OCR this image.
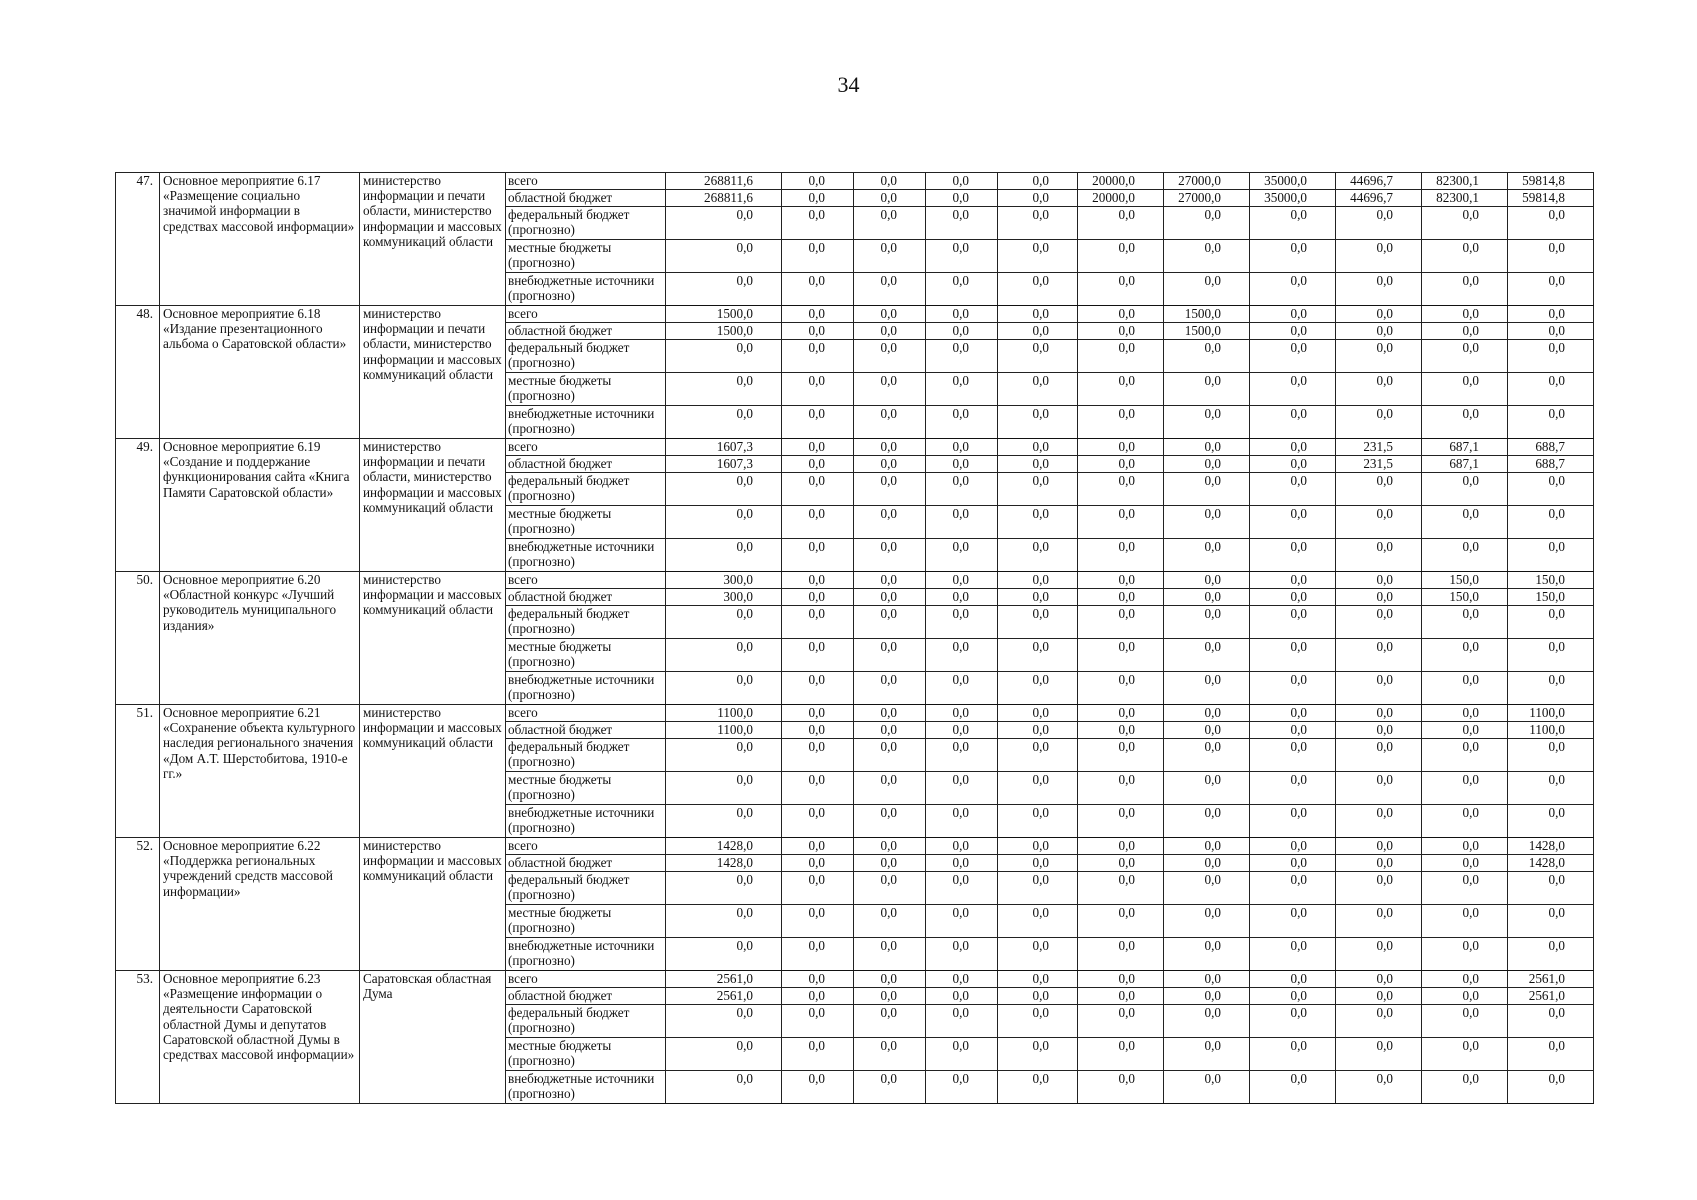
34
47.	Основное мероприятие 6.17 «Размещение социально значимой информации в средствах массовой информации»	министерство информации и печати области, министерство информации и массовых коммуникаций области	всего	268811,6	0,0	0,0	0,0	0,0	20000,0	27000,0	35000,0	44696,7	82300,1	59814,8
			областной бюджет	268811,6	0,0	0,0	0,0	0,0	20000,0	27000,0	35000,0	44696,7	82300,1	59814,8
			федеральный бюджет (прогнозно)	0,0	0,0	0,0	0,0	0,0	0,0	0,0	0,0	0,0	0,0	0,0
			местные бюджеты (прогнозно)	0,0	0,0	0,0	0,0	0,0	0,0	0,0	0,0	0,0	0,0	0,0
			внебюджетные источники (прогнозно)	0,0	0,0	0,0	0,0	0,0	0,0	0,0	0,0	0,0	0,0	0,0
48.	Основное мероприятие 6.18 «Издание презентационного альбома о Саратовской области»	министерство информации и печати области, министерство информации и массовых коммуникаций области	всего	1500,0	0,0	0,0	0,0	0,0	0,0	1500,0	0,0	0,0	0,0	0,0
			областной бюджет	1500,0	0,0	0,0	0,0	0,0	0,0	1500,0	0,0	0,0	0,0	0,0
			федеральный бюджет (прогнозно)	0,0	0,0	0,0	0,0	0,0	0,0	0,0	0,0	0,0	0,0	0,0
			местные бюджеты (прогнозно)	0,0	0,0	0,0	0,0	0,0	0,0	0,0	0,0	0,0	0,0	0,0
			внебюджетные источники (прогнозно)	0,0	0,0	0,0	0,0	0,0	0,0	0,0	0,0	0,0	0,0	0,0
49.	Основное мероприятие 6.19 «Создание и поддержание функционирования сайта «Книга Памяти Саратовской области»	министерство информации и печати области, министерство информации и массовых коммуникаций области	всего	1607,3	0,0	0,0	0,0	0,0	0,0	0,0	0,0	231,5	687,1	688,7
			областной бюджет	1607,3	0,0	0,0	0,0	0,0	0,0	0,0	0,0	231,5	687,1	688,7
			федеральный бюджет (прогнозно)	0,0	0,0	0,0	0,0	0,0	0,0	0,0	0,0	0,0	0,0	0,0
			местные бюджеты (прогнозно)	0,0	0,0	0,0	0,0	0,0	0,0	0,0	0,0	0,0	0,0	0,0
			внебюджетные источники (прогнозно)	0,0	0,0	0,0	0,0	0,0	0,0	0,0	0,0	0,0	0,0	0,0
50.	Основное мероприятие 6.20 «Областной конкурс «Лучший руководитель муниципального издания»	министерство информации и массовых коммуникаций области	всего	300,0	0,0	0,0	0,0	0,0	0,0	0,0	0,0	0,0	150,0	150,0
			областной бюджет	300,0	0,0	0,0	0,0	0,0	0,0	0,0	0,0	0,0	150,0	150,0
			федеральный бюджет (прогнозно)	0,0	0,0	0,0	0,0	0,0	0,0	0,0	0,0	0,0	0,0	0,0
			местные бюджеты (прогнозно)	0,0	0,0	0,0	0,0	0,0	0,0	0,0	0,0	0,0	0,0	0,0
			внебюджетные источники (прогнозно)	0,0	0,0	0,0	0,0	0,0	0,0	0,0	0,0	0,0	0,0	0,0
51.	Основное мероприятие 6.21 «Сохранение объекта культурного наследия регионального значения «Дом А.Т. Шерстобитова, 1910-е гг.»	министерство информации и массовых коммуникаций области	всего	1100,0	0,0	0,0	0,0	0,0	0,0	0,0	0,0	0,0	0,0	1100,0
			областной бюджет	1100,0	0,0	0,0	0,0	0,0	0,0	0,0	0,0	0,0	0,0	1100,0
			федеральный бюджет (прогнозно)	0,0	0,0	0,0	0,0	0,0	0,0	0,0	0,0	0,0	0,0	0,0
			местные бюджеты (прогнозно)	0,0	0,0	0,0	0,0	0,0	0,0	0,0	0,0	0,0	0,0	0,0
			внебюджетные источники (прогнозно)	0,0	0,0	0,0	0,0	0,0	0,0	0,0	0,0	0,0	0,0	0,0
52.	Основное мероприятие 6.22 «Поддержка региональных учреждений средств массовой информации»	министерство информации и массовых коммуникаций области	всего	1428,0	0,0	0,0	0,0	0,0	0,0	0,0	0,0	0,0	0,0	1428,0
			областной бюджет	1428,0	0,0	0,0	0,0	0,0	0,0	0,0	0,0	0,0	0,0	1428,0
			федеральный бюджет (прогнозно)	0,0	0,0	0,0	0,0	0,0	0,0	0,0	0,0	0,0	0,0	0,0
			местные бюджеты (прогнозно)	0,0	0,0	0,0	0,0	0,0	0,0	0,0	0,0	0,0	0,0	0,0
			внебюджетные источники (прогнозно)	0,0	0,0	0,0	0,0	0,0	0,0	0,0	0,0	0,0	0,0	0,0
53.	Основное мероприятие 6.23 «Размещение информации о деятельности Саратовской областной Думы и депутатов Саратовской областной Думы в средствах массовой информации»	Саратовская областная Дума	всего	2561,0	0,0	0,0	0,0	0,0	0,0	0,0	0,0	0,0	0,0	2561,0
			областной бюджет	2561,0	0,0	0,0	0,0	0,0	0,0	0,0	0,0	0,0	0,0	2561,0
			федеральный бюджет (прогнозно)	0,0	0,0	0,0	0,0	0,0	0,0	0,0	0,0	0,0	0,0	0,0
			местные бюджеты (прогнозно)	0,0	0,0	0,0	0,0	0,0	0,0	0,0	0,0	0,0	0,0	0,0
			внебюджетные источники (прогнозно)	0,0	0,0	0,0	0,0	0,0	0,0	0,0	0,0	0,0	0,0	0,0
